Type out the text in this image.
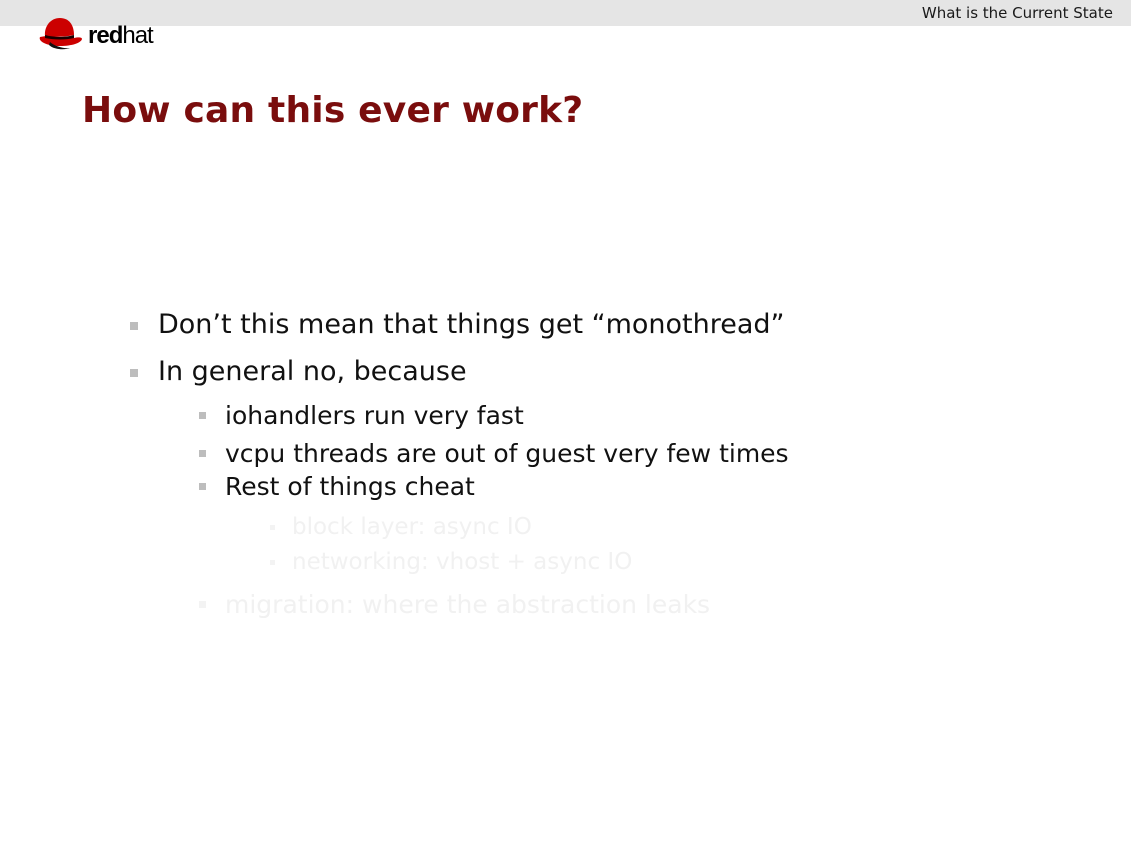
What is the Current State
redhat
How can this ever work?
Don’t this mean that things get “monothread”
In general no, because
iohandlers run very fast
vcpu threads are out of guest very few times
Rest of things cheat
block layer: async IO
networking: vhost + async IO
migration: where the abstraction leaks
